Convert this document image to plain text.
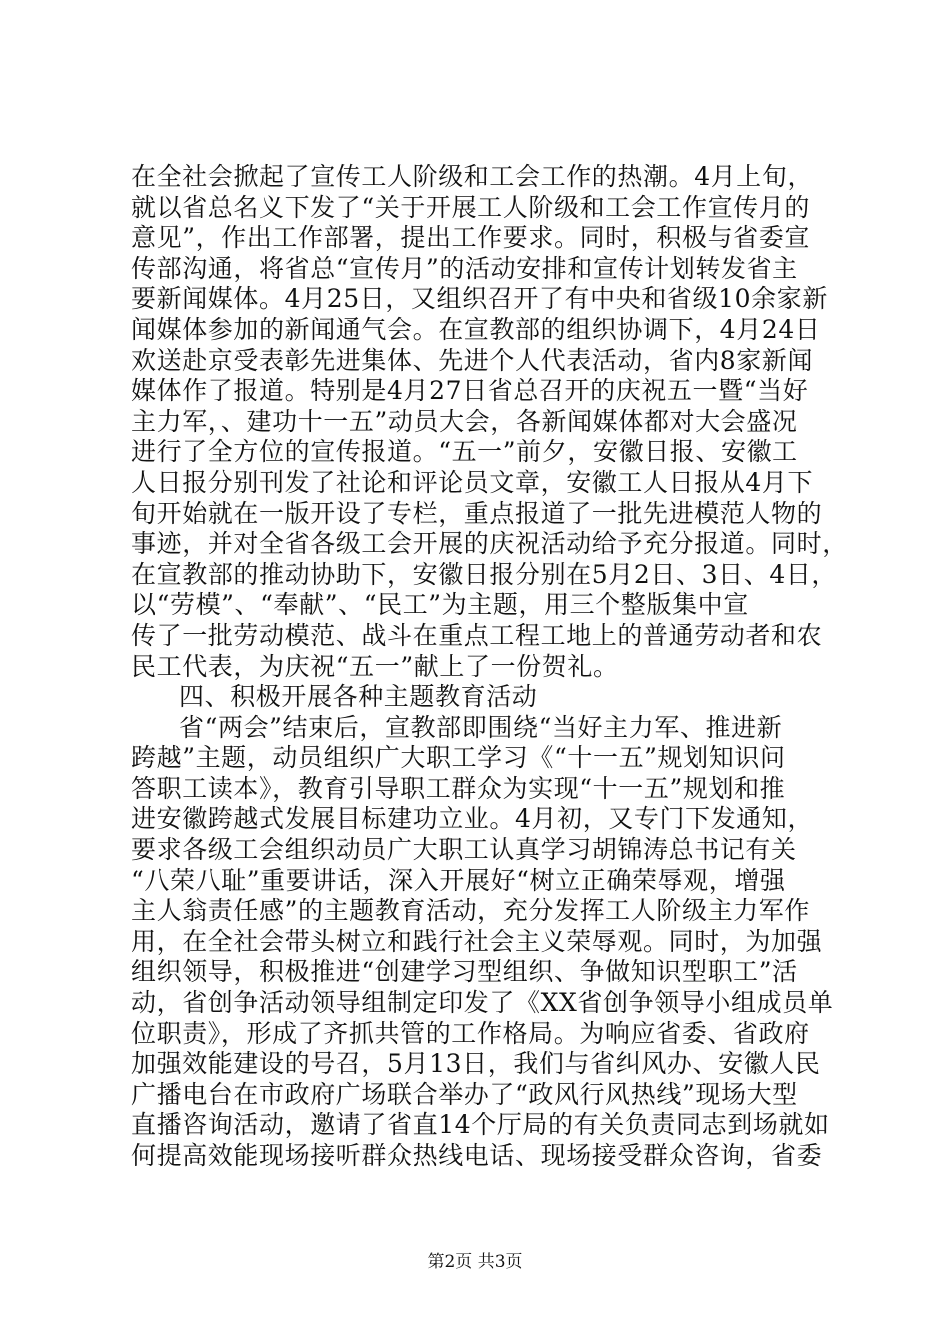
在全社会掀起了宣传工人阶级和工会工作的热潮。4月上旬，
就以省总名义下发了“关于开展工人阶级和工会工作宣传月的
意见”，作出工作部署，提出工作要求。同时，积极与省委宣
传部沟通，将省总“宣传月”的活动安排和宣传计划转发省主
要新闻媒体。4月25日，又组织召开了有中央和省级10余家新
闻媒体参加的新闻通气会。在宣教部的组织协调下，4月24日
欢送赴京受表彰先进集体、先进个人代表活动，省内8家新闻
媒体作了报道。特别是4月27日省总召开的庆祝五一暨“当好
主力军，、建功十一五”动员大会，各新闻媒体都对大会盛况
进行了全方位的宣传报道。“五一”前夕，安徽日报、安徽工
人日报分别刊发了社论和评论员文章，安徽工人日报从4月下
旬开始就在一版开设了专栏，重点报道了一批先进模范人物的
事迹，并对全省各级工会开展的庆祝活动给予充分报道。同时，
在宣教部的推动协助下，安徽日报分别在5月2日、3日、4日，
以“劳模”、“奉献”、“民工”为主题，用三个整版集中宣
传了一批劳动模范、战斗在重点工程工地上的普通劳动者和农
民工代表，为庆祝“五一”献上了一份贺礼。
四、积极开展各种主题教育活动
省“两会”结束后，宣教部即围绕“当好主力军、推进新
跨越”主题，动员组织广大职工学习《“十一五”规划知识问
答职工读本》，教育引导职工群众为实现“十一五”规划和推
进安徽跨越式发展目标建功立业。4月初，又专门下发通知，
要求各级工会组织动员广大职工认真学习胡锦涛总书记有关
“八荣八耻”重要讲话，深入开展好“树立正确荣辱观，增强
主人翁责任感”的主题教育活动，充分发挥工人阶级主力军作
用，在全社会带头树立和践行社会主义荣辱观。同时，为加强
组织领导，积极推进“创建学习型组织、争做知识型职工”活
动，省创争活动领导组制定印发了《XX省创争领导小组成员单
位职责》，形成了齐抓共管的工作格局。为响应省委、省政府
加强效能建设的号召，5月13日，我们与省纠风办、安徽人民
广播电台在市政府广场联合举办了“政风行风热线”现场大型
直播咨询活动，邀请了省直14个厅局的有关负责同志到场就如
何提高效能现场接听群众热线电话、现场接受群众咨询，省委
第2页 共3页
